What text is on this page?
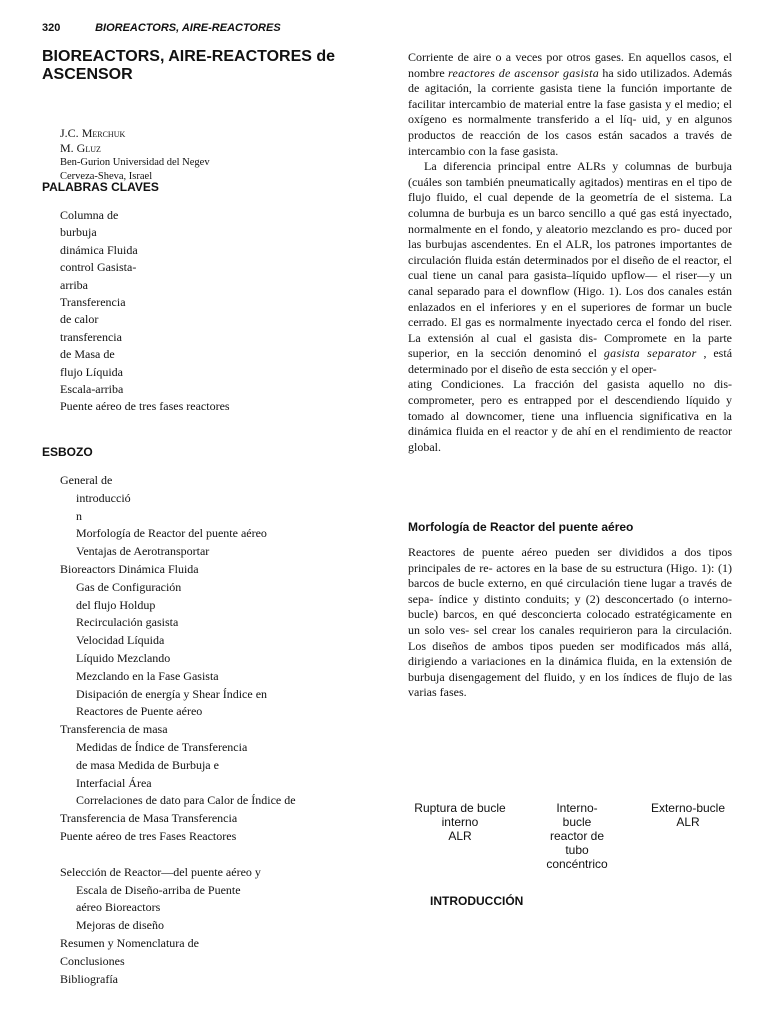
320	BIOREACTORS, AIRE-REACTORES
BIOREACTORS, AIRE-REACTORES de ASCENSOR
J.C. Merchuk
M. Gluz
Ben-Gurion Universidad del Negev
Cerveza-Sheva, Israel
PALABRAS CLAVES
Columna de
burbuja
dinámica Fluida
control Gasista-
arriba
Transferencia
de calor
transferencia
de Masa de
flujo Líquida
Escala-arriba
Puente aéreo de tres fases reactores
ESBOZO
General de
introducció
n
Morfología de Reactor del puente aéreo
Ventajas de Aerotransportar
Bioreactors Dinámica Fluida
Gas de Configuración
del flujo Holdup
Recirculación gasista
Velocidad Líquida
Líquido Mezclando
Mezclando en la Fase Gasista
Disipación de energía y Shear Índice en
Reactores de Puente aéreo
Transferencia de masa
Medidas de Índice de Transferencia
de masa Medida de Burbuja e
Interfacial Área
Correlaciones de dato para Calor de Índice de
Transferencia de Masa Transferencia
Puente aéreo de tres Fases Reactores
Selección de Reactor—del puente aéreo y
Escala de Diseño-arriba de Puente
aéreo Bioreactors
Mejoras de diseño
Resumen y Nomenclatura de
Conclusiones
Bibliografía

Corriente de aire o a veces por otros gases. En aquellos casos, el nombre reactores de ascensor gasista ha sido utilizados. Además de agitación, la corriente gasista tiene la función importante de facilitar intercambio de material entre la fase gasista y el medio; el oxígeno es normalmente transferido a el líq- uid, y en algunos productos de reacción de los casos están sacados a través de intercambio con la fase gasista.

La diferencia principal entre ALRs y columnas de burbuja (cuáles son también pneumatically agitados) mentiras en el tipo de flujo fluido, el cual depende de la geometría de el sistema. La columna de burbuja es un barco sencillo a qué gas está inyectado, normalmente en el fondo, y aleatorio mezclando es pro- duced por las burbujas ascendentes. En el ALR, los patrones importantes de circulación fluida están determinados por el diseño de el reactor, el cual tiene un canal para gasista–líquido upflow— el riser—y un canal separado para el downflow (Higo. 1). Los dos canales están enlazados en el inferiores y en el superiores de formar un bucle cerrado. El gas es normalmente inyectado cerca el fondo del riser. La extensión al cual el gasista dis- Compromete en la parte superior, en la sección denominó el gasista separator , está determinado por el diseño de esta sección y el oper-

ating Condiciones. La fracción del gasista aquello no dis- comprometer, pero es entrapped por el descendiendo líquido y tomado al downcomer, tiene una influencia significativa en la dinámica fluida en el reactor y de ahí en el rendimiento de reactor global.

Morfología de Reactor del puente aéreo

Reactores de puente aéreo pueden ser divididos a dos tipos principales de re- actores en la base de su estructura (Higo. 1): (1) barcos de bucle externo, en qué circulación tiene lugar a través de sepa- índice y distinto conduits; y (2) desconcertado (o interno-bucle) barcos, en qué desconcierta colocado estratégicamente en un solo ves- sel crear los canales requirieron para la circulación. Los diseños de ambos tipos pueden ser modificados más allá, dirigiendo a variaciones en la dinámica fluida, en la extensión de burbuja disengagement del fluido, y en los índices de flujo de las varias fases.

Ruptura de bucle
interno
ALR
Interno-
bucle
reactor de
tubo
concéntrico
Externo-bucle
ALR
INTRODUCCIÓN
